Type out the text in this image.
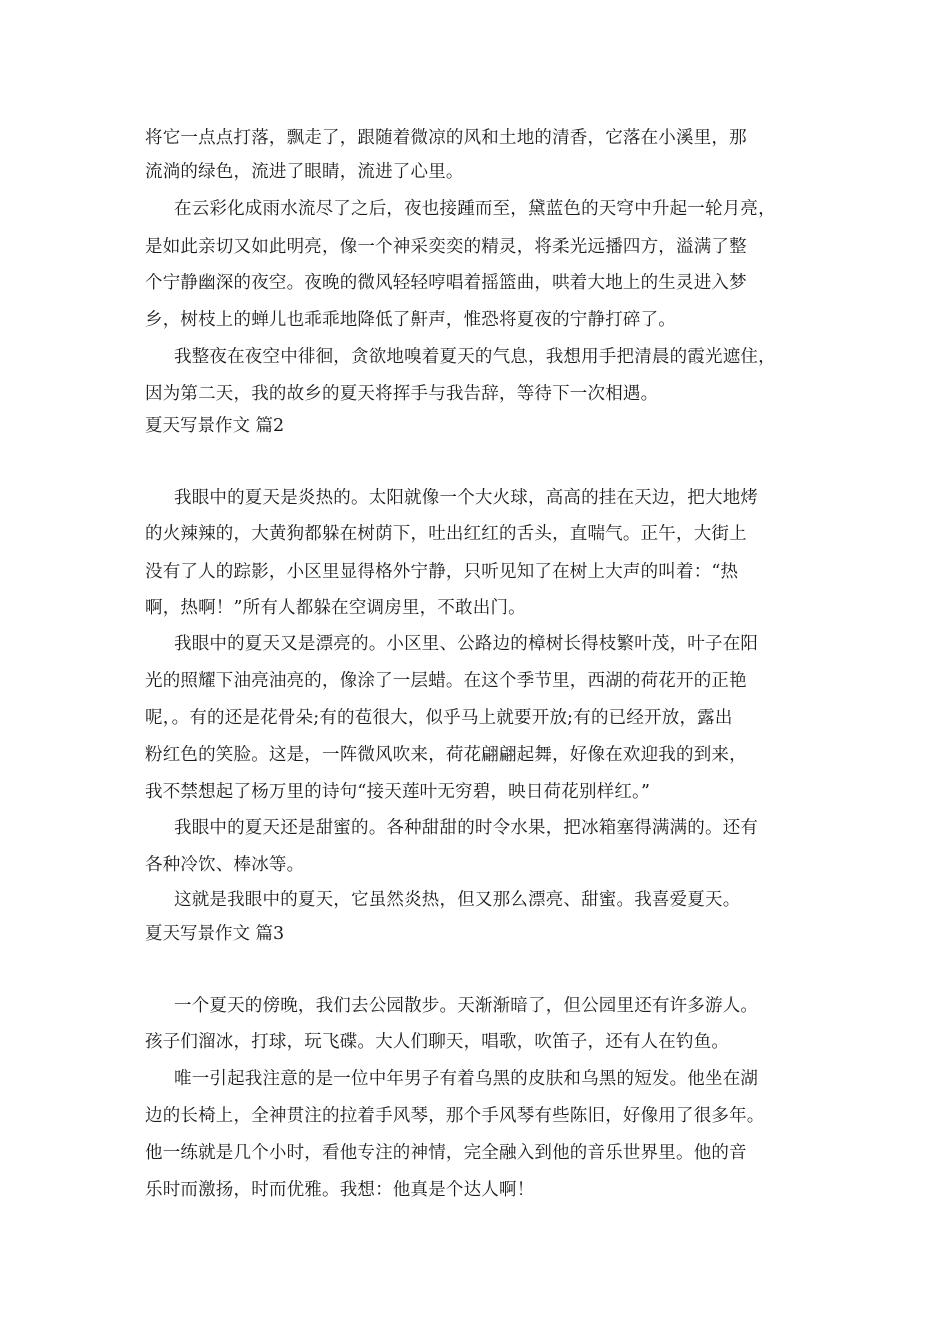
将它一点点打落，飘走了，跟随着微凉的风和土地的清香，它落在小溪里，那
流淌的绿色，流进了眼睛，流进了心里。
在云彩化成雨水流尽了之后，夜也接踵而至，黛蓝色的天穹中升起一轮月亮，
是如此亲切又如此明亮，像一个神采奕奕的精灵，将柔光远播四方，溢满了整
个宁静幽深的夜空。夜晚的微风轻轻哼唱着摇篮曲，哄着大地上的生灵进入梦
乡，树枝上的蝉儿也乖乖地降低了鼾声，惟恐将夏夜的宁静打碎了。
我整夜在夜空中徘徊，贪欲地嗅着夏天的气息，我想用手把清晨的霞光遮住，
因为第二天，我的故乡的夏天将挥手与我告辞，等待下一次相遇。
夏天写景作文 篇2
我眼中的夏天是炎热的。太阳就像一个大火球，高高的挂在天边，把大地烤
的火辣辣的，大黄狗都躲在树荫下，吐出红红的舌头，直喘气。正午，大街上
没有了人的踪影，小区里显得格外宁静，只听见知了在树上大声的叫着：“热
啊，热啊！”所有人都躲在空调房里，不敢出门。
我眼中的夏天又是漂亮的。小区里、公路边的樟树长得枝繁叶茂，叶子在阳
光的照耀下油亮油亮的，像涂了一层蜡。在这个季节里，西湖的荷花开的正艳
呢，。有的还是花骨朵;有的苞很大，似乎马上就要开放;有的已经开放，露出
粉红色的笑脸。这是，一阵微风吹来，荷花翩翩起舞，好像在欢迎我的到来，
我不禁想起了杨万里的诗句“接天莲叶无穷碧，映日荷花别样红。”
我眼中的夏天还是甜蜜的。各种甜甜的时令水果，把冰箱塞得满满的。还有
各种冷饮、棒冰等。
这就是我眼中的夏天，它虽然炎热，但又那么漂亮、甜蜜。我喜爱夏天。
夏天写景作文 篇3
一个夏天的傍晚，我们去公园散步。天渐渐暗了，但公园里还有许多游人。
孩子们溜冰，打球，玩飞碟。大人们聊天，唱歌，吹笛子，还有人在钓鱼。
唯一引起我注意的是一位中年男子有着乌黑的皮肤和乌黑的短发。他坐在湖
边的长椅上，全神贯注的拉着手风琴，那个手风琴有些陈旧，好像用了很多年。
他一练就是几个小时，看他专注的神情，完全融入到他的音乐世界里。他的音
乐时而激扬，时而优雅。我想：他真是个达人啊！
